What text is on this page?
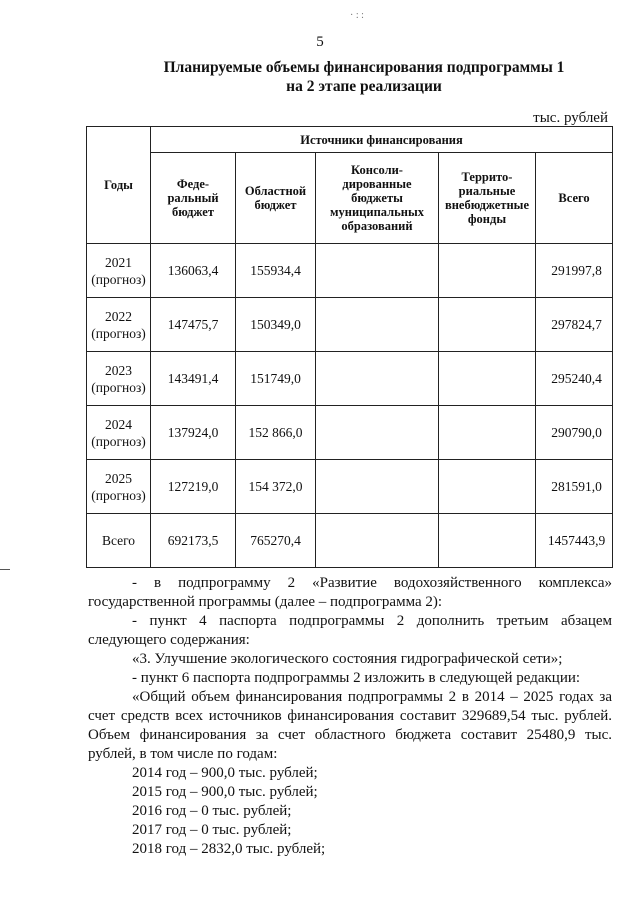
· : :
5
Планируемые объемы финансирования подпрограммы 1
на 2 этапе реализации
тыс. рублей
Годы	Источники финансирования				
	Феде-ральный бюджет	Областной бюджет	Консоли-дированные бюджеты муниципальных образований	Террито-риальные внебюджетные фонды	Всего

2021
(прогноз)	136063,4	155934,4			291997,8

2022
(прогноз)	147475,7	150349,0			297824,7

2023
(прогноз)	143491,4	151749,0			295240,4

2024
(прогноз)	137924,0	152 866,0			290790,0

2025
(прогноз)	127219,0	154 372,0			281591,0

Всего	692173,5	765270,4			1457443,9

- в подпрограмму 2 «Развитие водохозяйственного комплекса» государственной программы (далее – подпрограмма 2):

- пункт 4 паспорта подпрограммы 2 дополнить третьим абзацем следующего содержания:

«3. Улучшение экологического состояния гидрографической сети»;

- пункт 6 паспорта подпрограммы 2 изложить в следующей редакции:

«Общий объем финансирования подпрограммы 2 в 2014 – 2025 годах за счет средств всех источников финансирования составит 329689,54 тыс. рублей. Объем финансирования за счет областного бюджета составит 25480,9 тыс. рублей, в том числе по годам:

2014 год – 900,0 тыс. рублей;

2015 год – 900,0 тыс. рублей;

2016 год – 0 тыс. рублей;

2017 год – 0 тыс. рублей;

2018 год – 2832,0 тыс. рублей;
